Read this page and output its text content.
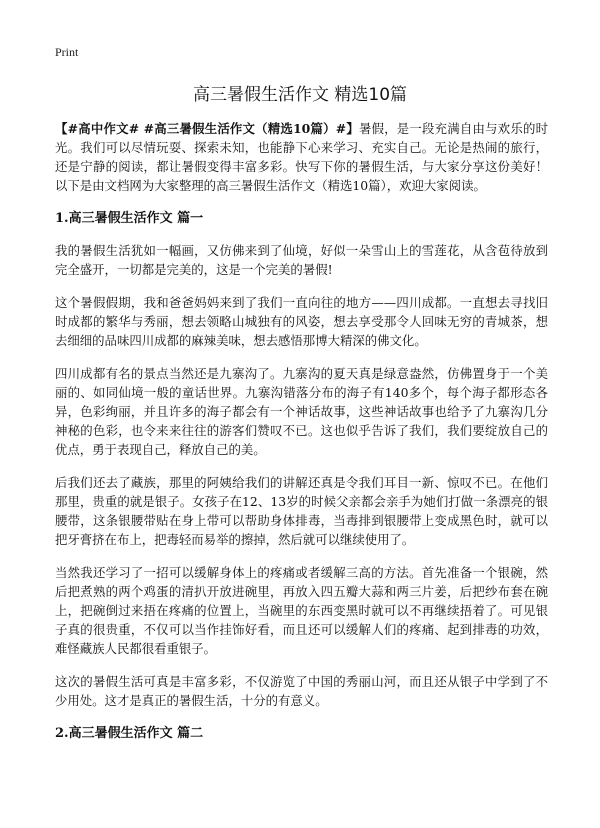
Print
高三暑假生活作文 精选10篇

【#高中作文# #高三暑假生活作文（精选10篇）#】暑假，是一段充满自由与欢乐的时光。我们可以尽情玩耍、探索未知，也能静下心来学习、充实自己。无论是热闹的旅行，还是宁静的阅读，都让暑假变得丰富多彩。快写下你的暑假生活，与大家分享这份美好！以下是由文档网为大家整理的高三暑假生活作文（精选10篇），欢迎大家阅读。

1.高三暑假生活作文 篇一

我的暑假生活犹如一幅画，又仿佛来到了仙境，好似一朵雪山上的雪莲花，从含苞待放到完全盛开，一切都是完美的，这是一个完美的暑假!

这个暑假假期，我和爸爸妈妈来到了我们一直向往的地方——四川成都。一直想去寻找旧时成都的繁华与秀丽，想去领略山城独有的风姿，想去享受那令人回味无穷的青城茶，想去细细的品味四川成都的麻辣美味，想去感悟那博大精深的佛文化。

四川成都有名的景点当然还是九寨沟了。九寨沟的夏天真是绿意盎然，仿佛置身于一个美丽的、如同仙境一般的童话世界。九寨沟错落分布的海子有140多个，每个海子都形态各异，色彩绚丽，并且许多的海子都会有一个神话故事，这些神话故事也给予了九寨沟几分神秘的色彩，也令来来往往的游客们赞叹不已。这也似乎告诉了我们，我们要绽放自己的优点，勇于表现自己，释放自己的美。

后我们还去了藏族，那里的阿姨给我们的讲解还真是令我们耳目一新、惊叹不已。在他们那里，贵重的就是银子。女孩子在12、13岁的时候父亲都会亲手为她们打做一条漂亮的银腰带，这条银腰带贴在身上带可以帮助身体排毒，当毒排到银腰带上变成黑色时，就可以把牙膏挤在布上，把毒轻而易举的擦掉，然后就可以继续使用了。

当然我还学习了一招可以缓解身体上的疼痛或者缓解三高的方法。首先准备一个银碗，然后把煮熟的两个鸡蛋的清扒开放进碗里，再放入四五瓣大蒜和两三片姜，后把纱布套在碗上，把碗倒过来捂在疼痛的位置上，当碗里的东西变黑时就可以不再继续捂着了。可见银子真的很贵重，不仅可以当作挂饰好看，而且还可以缓解人们的疼痛、起到排毒的功效，难怪藏族人民都很看重银子。

这次的暑假生活可真是丰富多彩，不仅游览了中国的秀丽山河，而且还从银子中学到了不少用处。这才是真正的暑假生活，十分的有意义。

2.高三暑假生活作文 篇二
